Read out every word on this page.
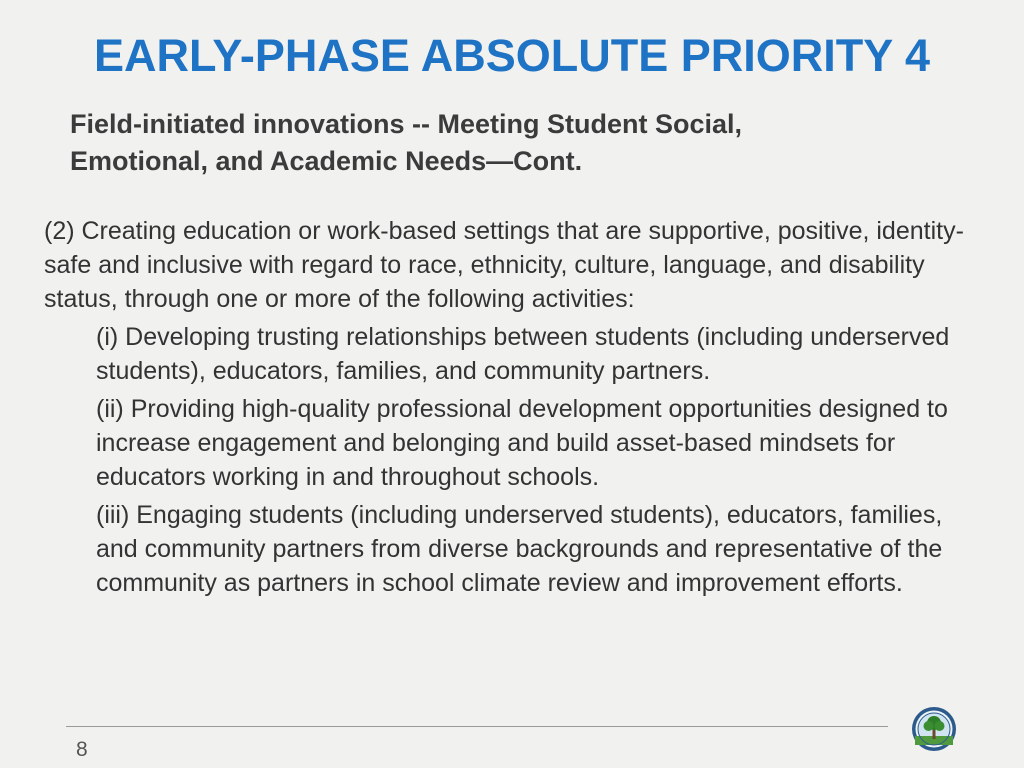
EARLY-PHASE ABSOLUTE PRIORITY 4
Field-initiated innovations -- Meeting Student Social,
Emotional, and Academic Needs—Cont.

(2) Creating education or work-based settings that are supportive, positive, identity-safe and inclusive with regard to race, ethnicity, culture, language, and disability status, through one or more of the following activities:

(i) Developing trusting relationships between students (including underserved students), educators, families, and community partners.

(ii) Providing high-quality professional development opportunities designed to increase engagement and belonging and build asset-based mindsets for educators working in and throughout schools.

(iii) Engaging students (including underserved students), educators, families, and community partners from diverse backgrounds and representative of the community as partners in school climate review and improvement efforts.

8
